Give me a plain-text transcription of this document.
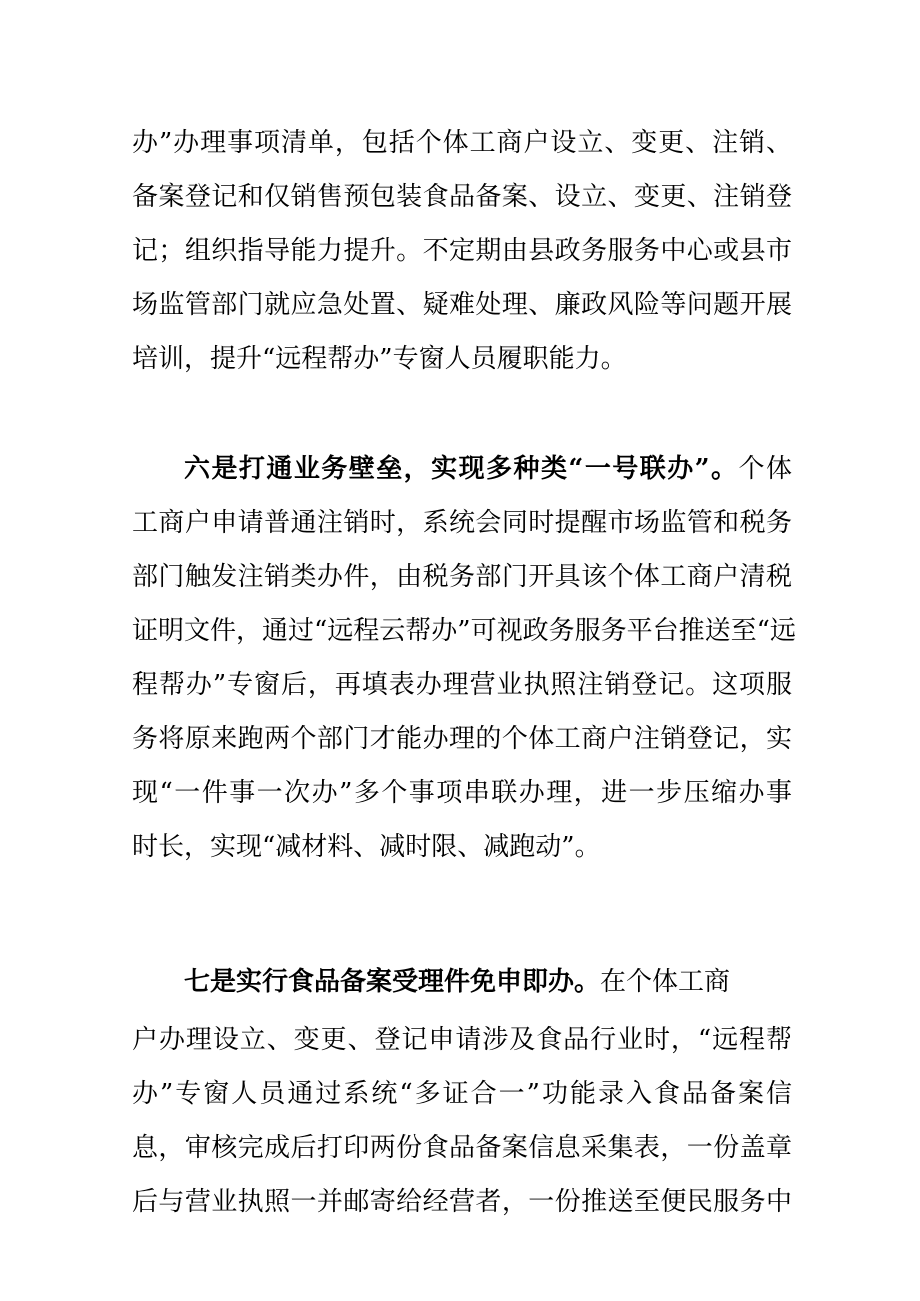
办”办理事项清单，包括个体工商户设立、变更、注销、
备案登记和仅销售预包装食品备案、设立、变更、注销登
记；组织指导能力提升。不定期由县政务服务中心或县市
场监管部门就应急处置、疑难处理、廉政风险等问题开展
培训，提升“远程帮办”专窗人员履职能力。
六是打通业务壁垒，实现多种类“一号联办”。个体
工商户申请普通注销时，系统会同时提醒市场监管和税务
部门触发注销类办件，由税务部门开具该个体工商户清税
证明文件，通过“远程云帮办”可视政务服务平台推送至“远
程帮办”专窗后，再填表办理营业执照注销登记。这项服
务将原来跑两个部门才能办理的个体工商户注销登记，实
现“一件事一次办”多个事项串联办理，进一步压缩办事
时长，实现“减材料、减时限、减跑动”。
七是实行食品备案受理件免申即办。在个体工商
户办理设立、变更、登记申请涉及食品行业时，“远程帮
办”专窗人员通过系统“多证合一”功能录入食品备案信
息，审核完成后打印两份食品备案信息采集表，一份盖章
后与营业执照一并邮寄给经营者，一份推送至便民服务中
